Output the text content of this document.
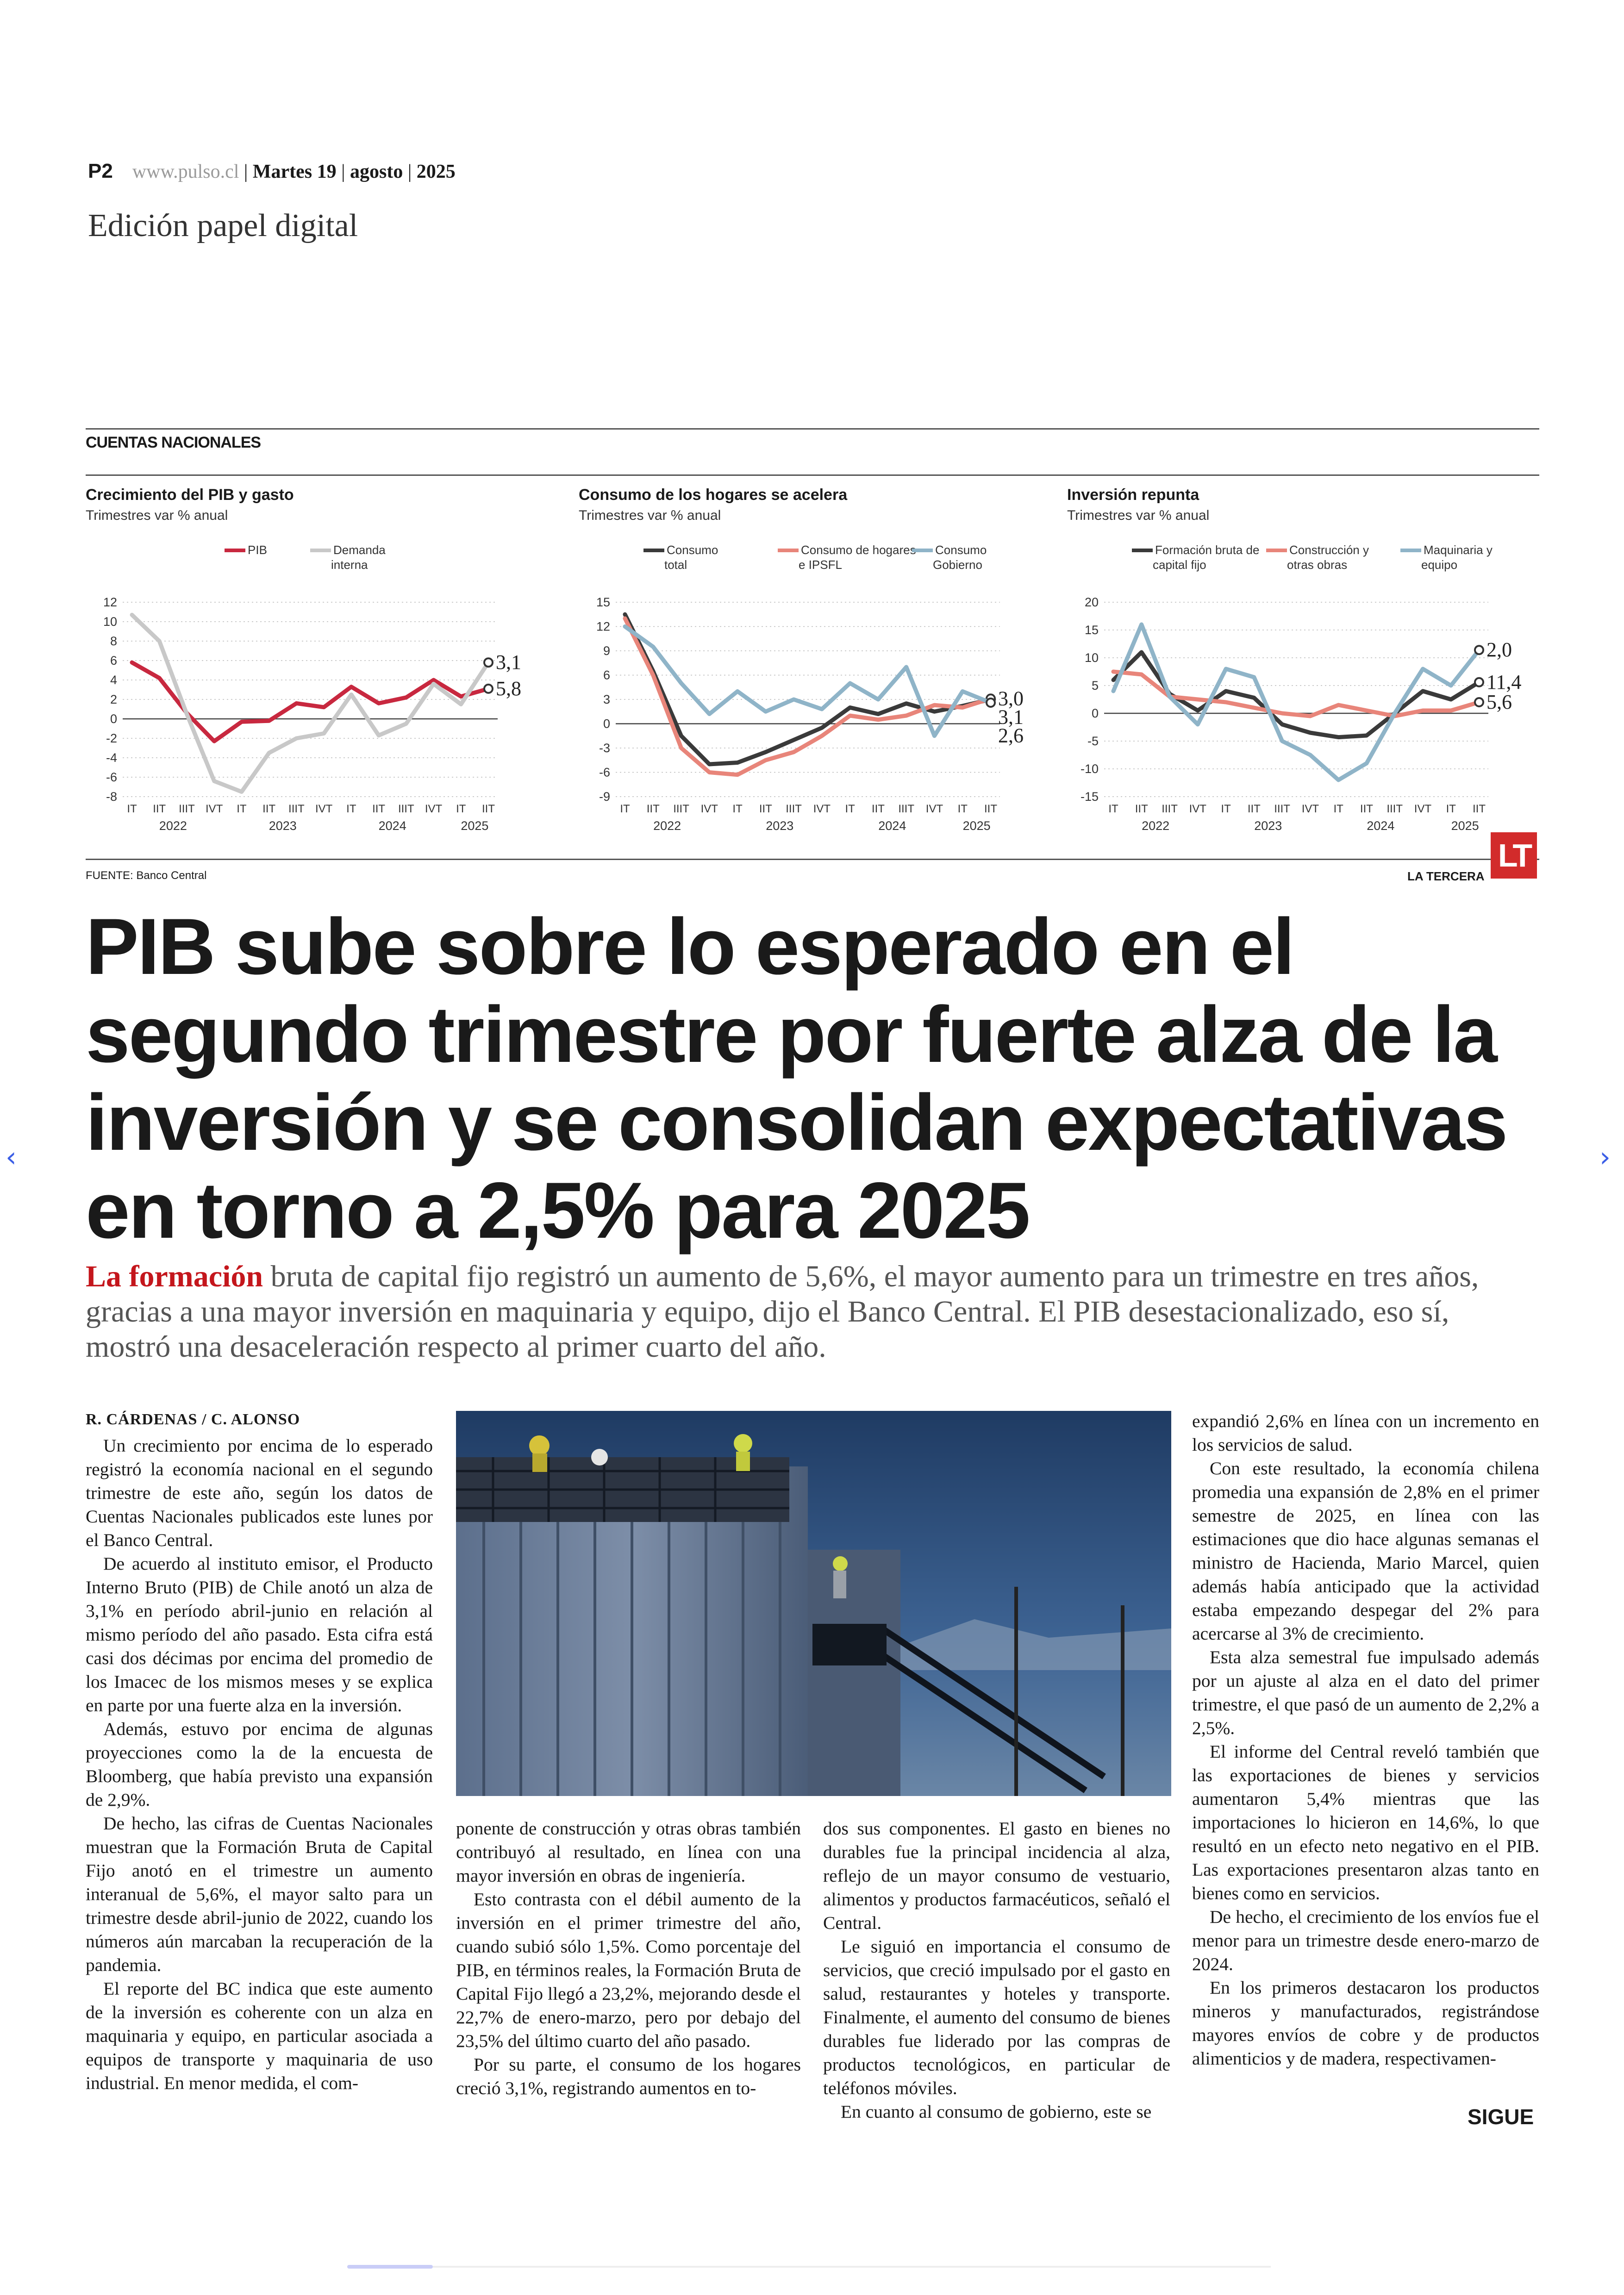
P2 www.pulso.cl | Martes 19 | agosto | 2025
Edición papel digital
CUENTAS NACIONALES
Crecimiento del PIB y gasto
Trimestres var % anual
PIB	Demanda
interna
12
10
8
6
4
2
0
-2
-4
-6
-8
IT IIT IIIT IVT IT IIT IIIT IVT IT IIT IIIT IVT IT IIT
2022	2023	2024	2025
3,1
5,8
Consumo de los hogares se acelera
Trimestres var % anual
Consumo
total
Consumo de hogares
e IPSFL
Consumo
Gobierno
15
12
9
6
3
0
-3
-6
-9
IT IIT IIIT IVT IT IIT IIIT IVT IT IIT IIIT IVT IT IIT
2022	2023	2024	2025
3,0
3,1
2,6
Inversión repunta
Trimestres var % anual
Formación bruta de
capital fijo
Construcción y
otras obras
Maquinaria y
equipo
20
15
10
5
0
-5
-10
-15
IT IIT IIIT IVT IT IIT IIIT IVT IT IIT IIIT IVT IT IIT
2022	2023	2024	2025
2,0
11,4
5,6
FUENTE: Banco Central	LA TERCERA
LT
PIB sube sobre lo esperado en el segundo trimestre por fuerte alza de la inversión y se consolidan expectativas en torno a 2,5% para 2025
La formación bruta de capital fijo registró un aumento de 5,6%, el mayor aumento para un trimestre en tres años, gracias a una mayor inversión en maquinaria y equipo, dijo el Banco Central. El PIB desestacionalizado, eso sí, mostró una desaceleración respecto al primer cuarto del año.
R. CÁRDENAS / C. ALONSO

Un crecimiento por encima de lo esperado registró la economía nacional en el segundo trimestre de este año, según los datos de Cuentas Nacionales publicados este lunes por el Banco Central.

De acuerdo al instituto emisor, el Producto Interno Bruto (PIB) de Chile anotó un alza de 3,1% en período abril-junio en relación al mismo período del año pasado. Esta cifra está casi dos décimas por encima del promedio de los Imacec de los mismos meses y se explica en parte por una fuerte alza en la inversión.

Además, estuvo por encima de algunas proyecciones como la de la encuesta de Bloomberg, que había previsto una expansión de 2,9%.

De hecho, las cifras de Cuentas Nacionales muestran que la Formación Bruta de Capital Fijo anotó en el trimestre un aumento interanual de 5,6%, el mayor salto para un trimestre desde abril-junio de 2022, cuando los números aún marcaban la recuperación de la pandemia.

El reporte del BC indica que este aumento de la inversión es coherente con un alza en maquinaria y equipo, en particular asociada a equipos de transporte y maquinaria de uso industrial. En menor medida, el com-

ponente de construcción y otras obras también contribuyó al resultado, en línea con una mayor inversión en obras de ingeniería.

Esto contrasta con el débil aumento de la inversión en el primer trimestre del año, cuando subió sólo 1,5%. Como porcentaje del PIB, en términos reales, la Formación Bruta de Capital Fijo llegó a 23,2%, mejorando desde el 22,7% de enero-marzo, pero por debajo del 23,5% del último cuarto del año pasado.

Por su parte, el consumo de los hogares creció 3,1%, registrando aumentos en to-

dos sus componentes. El gasto en bienes no durables fue la principal incidencia al alza, reflejo de un mayor consumo de vestuario, alimentos y productos farmacéuticos, señaló el Central.

Le siguió en importancia el consumo de servicios, que creció impulsado por el gasto en salud, restaurantes y hoteles y transporte. Finalmente, el aumento del consumo de bienes durables fue liderado por las compras de productos tecnológicos, en particular de teléfonos móviles.

En cuanto al consumo de gobierno, este se

expandió 2,6% en línea con un incremento en los servicios de salud.

Con este resultado, la economía chilena promedia una expansión de 2,8% en el primer semestre de 2025, en línea con las estimaciones que dio hace algunas semanas el ministro de Hacienda, Mario Marcel, quien además había anticipado que la actividad estaba empezando despegar del 2% para acercarse al 3% de crecimiento.

Esta alza semestral fue impulsado además por un ajuste al alza en el dato del primer trimestre, el que pasó de un aumento de 2,2% a 2,5%.

El informe del Central reveló también que las exportaciones de bienes y servicios aumentaron 5,4% mientras que las importaciones lo hicieron en 14,6%, lo que resultó en un efecto neto negativo en el PIB. Las exportaciones presentaron alzas tanto en bienes como en servicios.

De hecho, el crecimiento de los envíos fue el menor para un trimestre desde enero-marzo de 2024.

En los primeros destacaron los productos mineros y manufacturados, registrándose mayores envíos de cobre y de productos alimenticios y de madera, respectivamen-

SIGUE
‹	›
